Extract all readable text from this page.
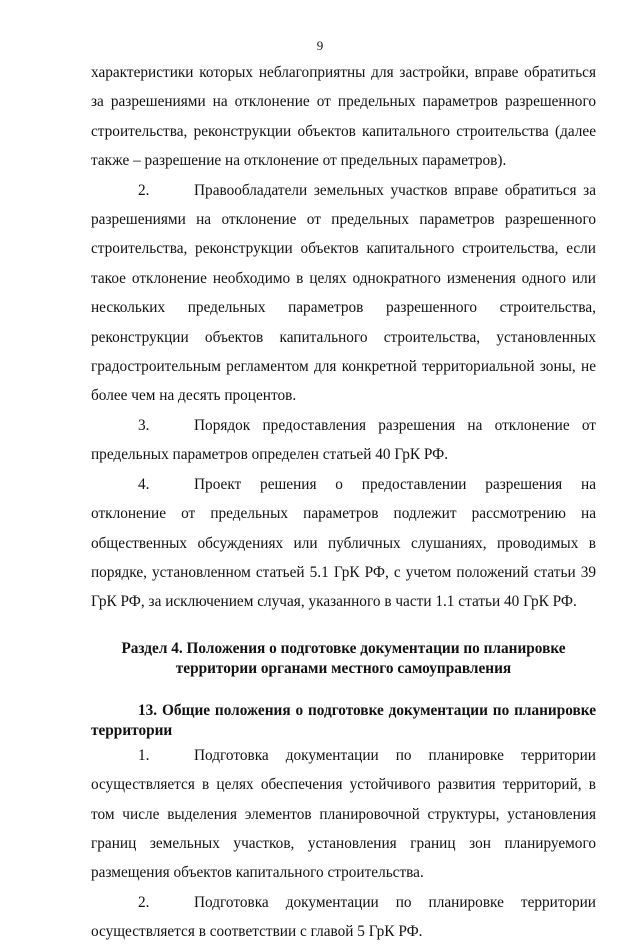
9

характеристики которых неблагоприятны для застройки, вправе обратиться за разрешениями на отклонение от предельных параметров разрешенного строительства, реконструкции объектов капитального строительства (далее также – разрешение на отклонение от предельных параметров).

2.	Правообладатели земельных участков вправе обратиться за разрешениями на отклонение от предельных параметров разрешенного строительства, реконструкции объектов капитального строительства, если такое отклонение необходимо в целях однократного изменения одного или нескольких предельных параметров разрешенного строительства, реконструкции объектов капитального строительства, установленных градостроительным регламентом для конкретной территориальной зоны, не более чем на десять процентов.

3.	Порядок предоставления разрешения на отклонение от предельных параметров определен статьей 40 ГрК РФ.

4.	Проект решения о предоставлении разрешения на отклонение от предельных параметров подлежит рассмотрению на общественных обсуждениях или публичных слушаниях, проводимых в порядке, установленном статьей 5.1 ГрК РФ, с учетом положений статьи 39 ГрК РФ, за исключением случая, указанного в части 1.1 статьи 40 ГрК РФ.

Раздел 4. Положения о подготовке документации по планировке
территории органами местного самоуправления
13. Общие положения о подготовке документации по планировке территории

1.	Подготовка документации по планировке территории осуществляется в целях обеспечения устойчивого развития территорий, в том числе выделения элементов планировочной структуры, установления границ земельных участков, установления границ зон планируемого размещения объектов капитального строительства.

2.	Подготовка документации по планировке территории осуществляется в соответствии с главой 5 ГрК РФ.
